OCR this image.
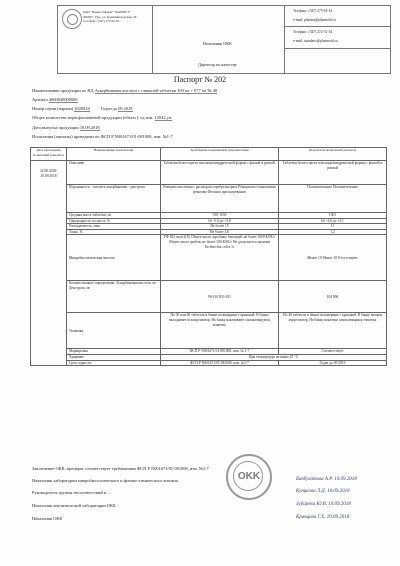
ОАО "Черкесскфарм" "ФАРМСТ"
456007, Уфа, ул. Калининградская, 26
тел./факс: (347) 272-92-93
Начальник ОКК
Директор по качеству
Тел/факс: (347) 275-61-14
e-mail: pharma@pharmeid.ru
Тел/факс: (347) 272-31-54
e-mail: standarts@pharmeid.ru
Паспорт № 202
Наименование продукции по НД Аскорбиновая кислота с глюкозой таблетки 100 мг + 877 мг № 40
Артикул 4060040000000
Номер серии (партии) 2020818	Годен до 09 2019
Общее количество нерасфасованной продукции (объем ), ед.изм. 12042 уп.
Дата выпуска продукции 10.09.2018
Испытания (анализы) проведены по ФСП Р N001671/01-081008, изм. №1-7
Дата проведения испытаний (анализа)	Наименование показателей	Требования нормативной документации	Результаты испытаний (анализа)
31.08.2018-10.09.2018	Описание	Таблетки белого цвета плоскоцилиндрической формы с фаской и риской.	Таблетки белого цвета плоскоцилиндрической формы с фаской и риской
	Подлинность: - кислота аскорбиновая - декстроза	Реакция окисления с раствором серебра нитрата Реакция восстановления реактива Фелинга при нагревании	Положительные Положительные
	Средняя масса таблетки, мг	918-1030	1001
	Однородность по массе, %	От -5,0 до +5,0	От -2,0 до +2,1
	Распадаемость, мин.	Не более 15	11
	Тальк, %	Не более 3,0	1,2
	Микробиологическая чистота	ГФ XII, вып.3(Х) Общее число аэробных бактерий: не более 1000 КОЕ/г Общее число грибов: не более 100 КОЕ/г Не допускается наличие Escherichia coli в 1г	Менее 10 Менее 10 Отсутствуют
	Количественное определение: Аскорбиновая кислота, мг Декстроза, мг	90-110 833-921	104 896
	Упаковка	По 30 или 40 таблеток в банки полимерные с крышкой. В банки вкладывается амортизатор. На банку наклеивают самоклеящуюся этикетку.	По 40 таблеток в банки полимерные с крышкой. В банку вложен амортизатор. На банку наклеена самоклеящаяся этикетка
	Маркировка	ФСП Р N001671/01-081008, изм. № 1-7	Соответствует
	Хранение	При температуре не выше 25 °С	
	Срок годности	ФСП Р N001671/01-081008, изм. №1-7	Годен до 09 2019
Заключение ОКК: препарат соответствует требованиям ФСП Р N001671/01-081008, изм. №1-7
OKK
Начальник лаборатории микробиологического и физико-химического анализа	Бикбулатова А.Р. 10.09.2018
Руководитель группы несоответствий и ...	Кунцкова Л.Д. 10.09.2018
Начальник аналитической лаборатории ОКК	Зубарева Ю.В. 10.09.2018
Начальник ОКК	Кравцова Г.Х. 10.09.2018
